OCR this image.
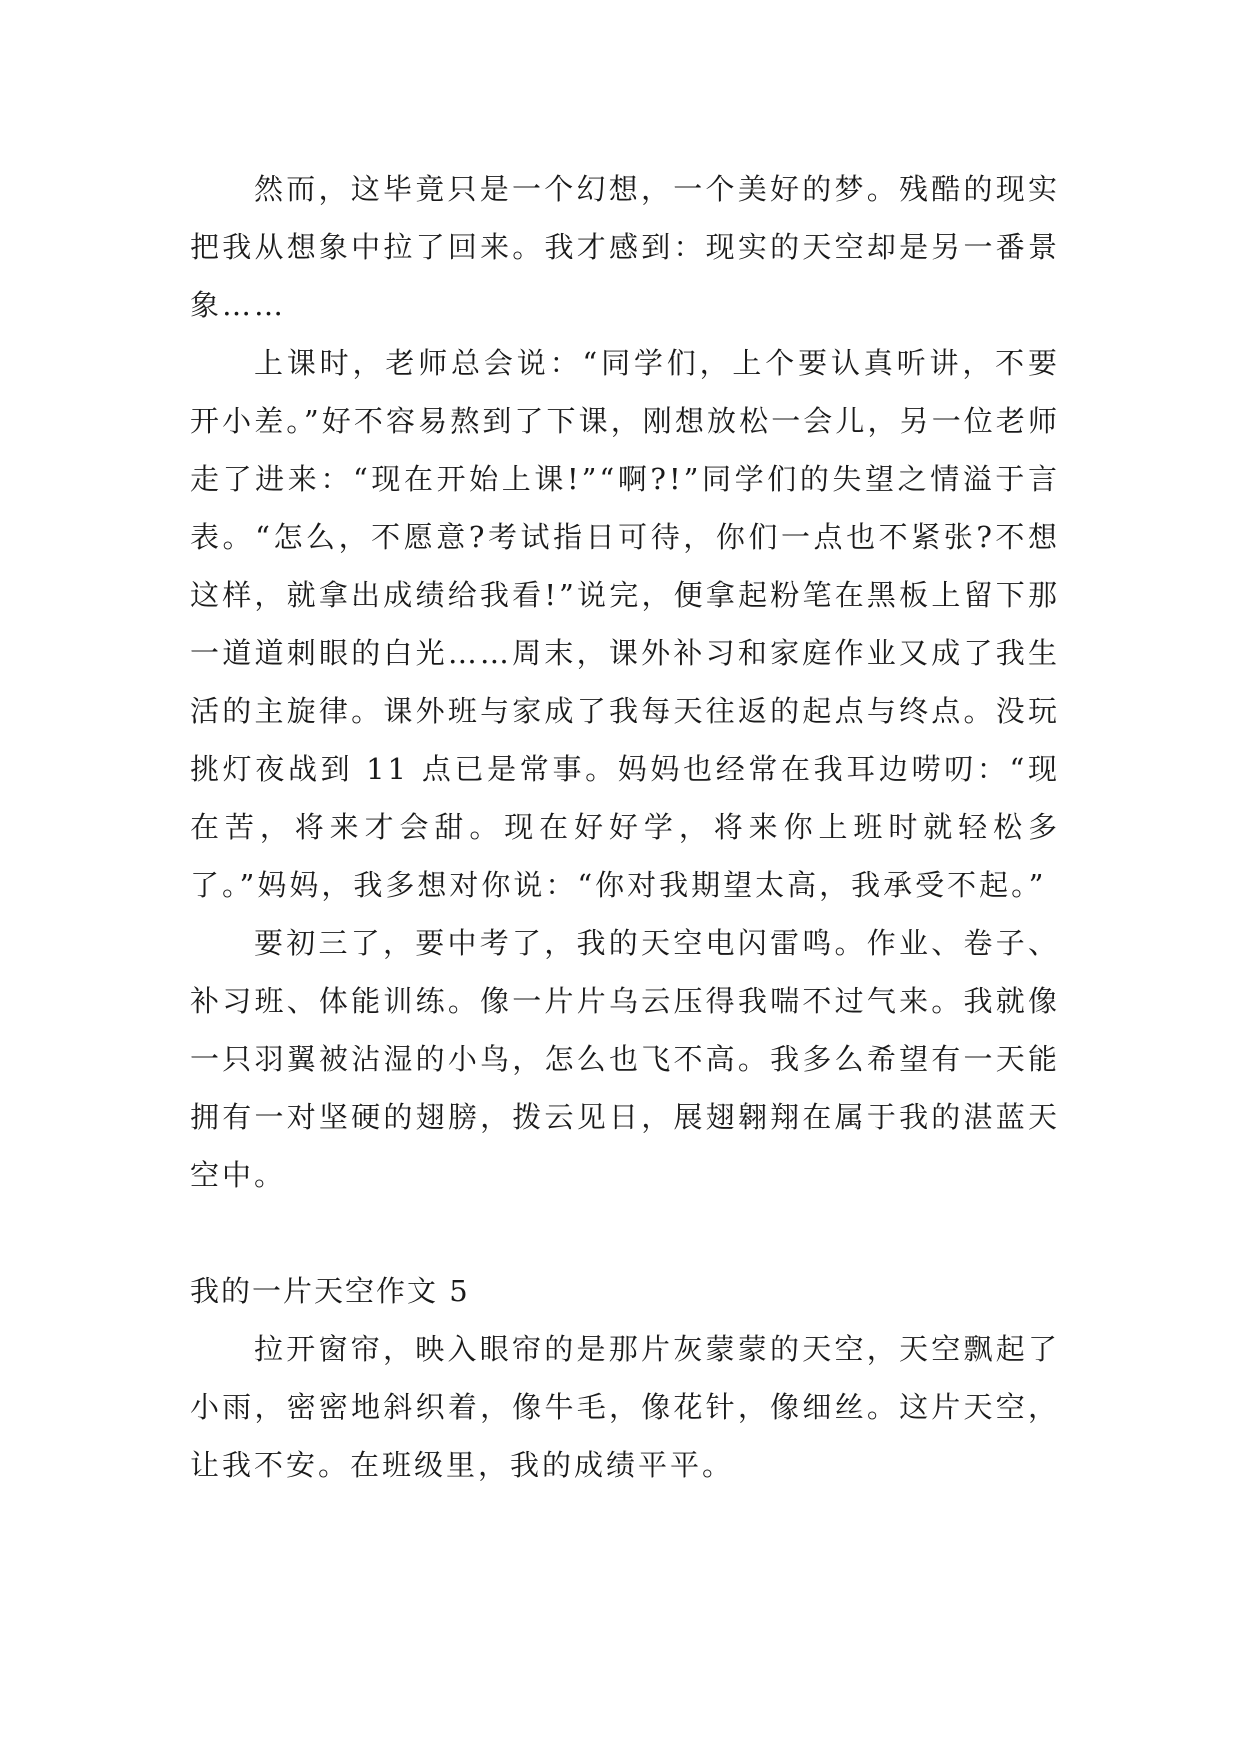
然而，这毕竟只是一个幻想，一个美好的梦。残酷的现实把我从想象中拉了回来。我才感到：现实的天空却是另一番景象……

上课时，老师总会说：“同学们，上个要认真听讲，不要开小差。”好不容易熬到了下课，刚想放松一会儿，另一位老师走了进来：“现在开始上课!”“啊?!”同学们的失望之情溢于言表。“怎么，不愿意?考试指日可待，你们一点也不紧张?不想这样，就拿出成绩给我看!”说完，便拿起粉笔在黑板上留下那一道道刺眼的白光……周末，课外补习和家庭作业又成了我生活的主旋律。课外班与家成了我每天往返的起点与终点。没玩挑灯夜战到 11 点已是常事。妈妈也经常在我耳边唠叨：“现在苦，将来才会甜。现在好好学，将来你上班时就轻松多了。”妈妈，我多想对你说：“你对我期望太高，我承受不起。”

要初三了，要中考了，我的天空电闪雷鸣。作业、卷子、补习班、体能训练。像一片片乌云压得我喘不过气来。我就像一只羽翼被沾湿的小鸟，怎么也飞不高。我多么希望有一天能拥有一对坚硬的翅膀，拨云见日，展翅翱翔在属于我的湛蓝天空中。

我的一片天空作文 5

拉开窗帘，映入眼帘的是那片灰蒙蒙的天空，天空飘起了小雨，密密地斜织着，像牛毛，像花针，像细丝。这片天空，让我不安。在班级里，我的成绩平平。
